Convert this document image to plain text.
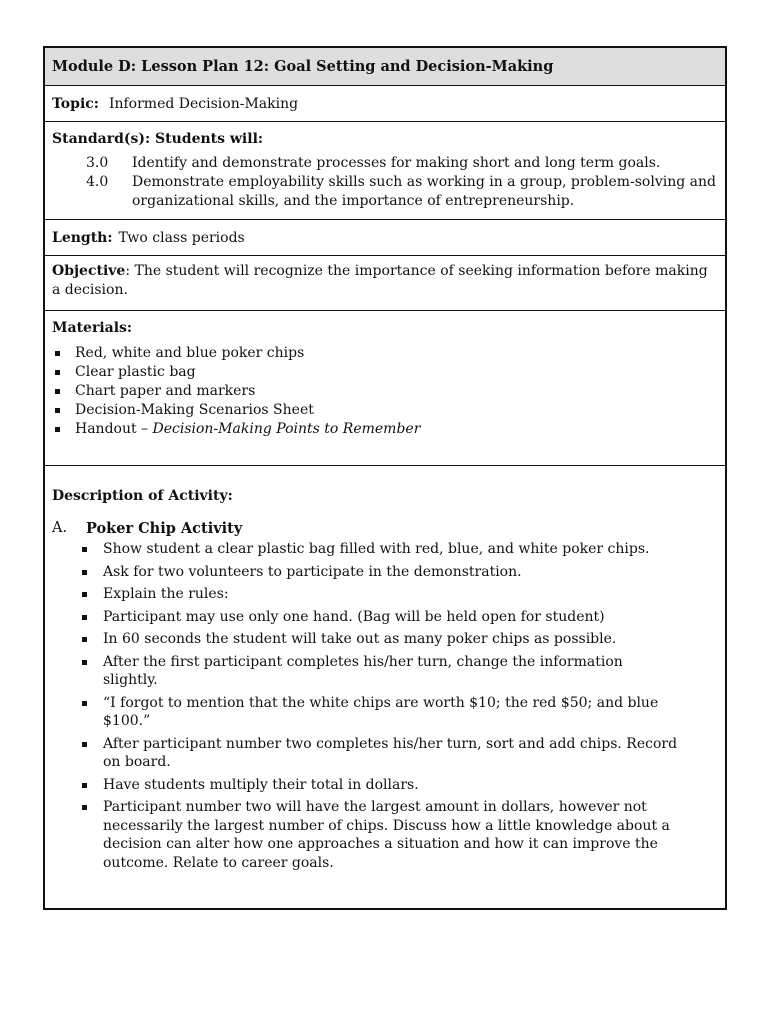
Module D: Lesson Plan 12: Goal Setting and Decision-Making
Topic: Informed Decision-Making
Standard(s): Students will:
3.0	Identify and demonstrate processes for making short and long term goals.
4.0	Demonstrate employability skills such as working in a group, problem-solving and organizational skills, and the importance of entrepreneurship.
Length: Two class periods
Objective: The student will recognize the importance of seeking information before making a decision.
Materials:
Red, white and blue poker chips
Clear plastic bag
Chart paper and markers
Decision-Making Scenarios Sheet
Handout – Decision-Making Points to Remember
Description of Activity:
A.	Poker Chip Activity
Show student a clear plastic bag filled with red, blue, and white poker chips.
Ask for two volunteers to participate in the demonstration.
Explain the rules:
Participant may use only one hand. (Bag will be held open for student)
In 60 seconds the student will take out as many poker chips as possible.
After the first participant completes his/her turn, change the information slightly.
“I forgot to mention that the white chips are worth $10; the red $50; and blue $100.”
After participant number two completes his/her turn, sort and add chips. Record on board.
Have students multiply their total in dollars.
Participant number two will have the largest amount in dollars, however not necessarily the largest number of chips. Discuss how a little knowledge about a decision can alter how one approaches a situation and how it can improve the outcome. Relate to career goals.
